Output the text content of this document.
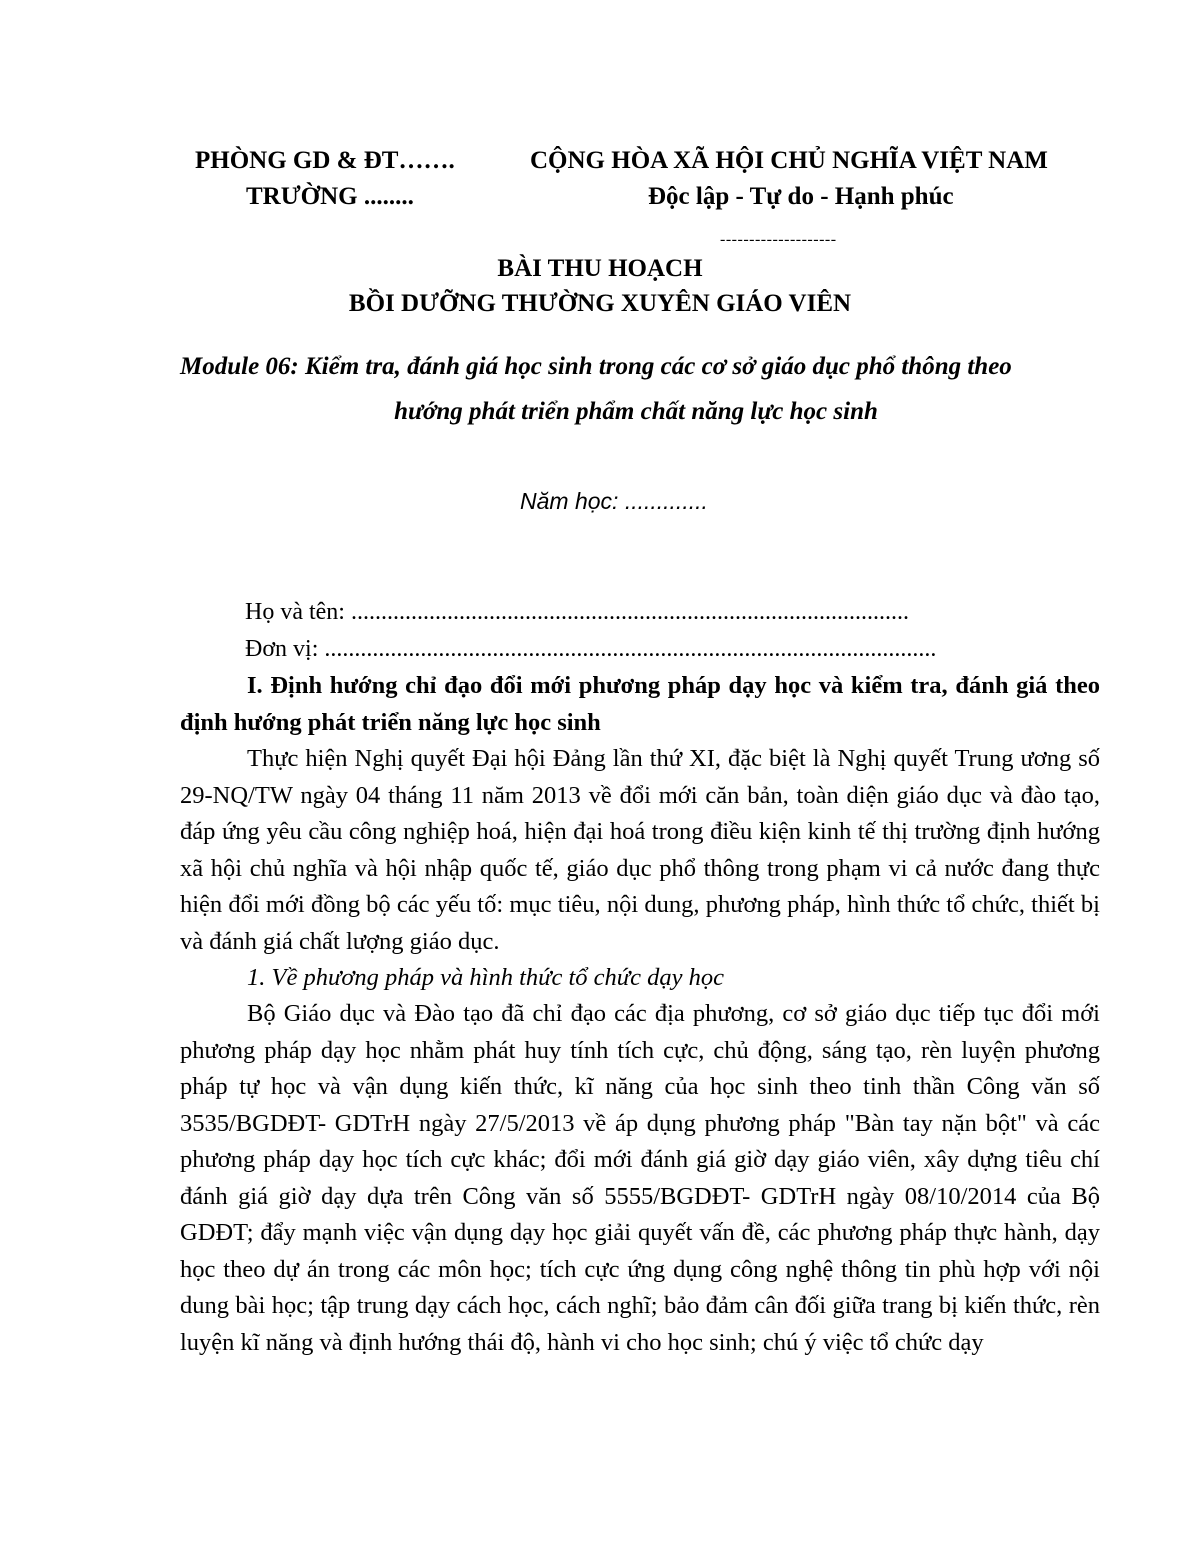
PHÒNG GD & ĐT…….
TRƯỜNG ........
CỘNG HÒA XÃ HỘI CHỦ NGHĨA VIỆT NAM
Độc lập - Tự do - Hạnh phúc
--------------------
BÀI THU HOẠCH
BỒI DƯỠNG THƯỜNG XUYÊN GIÁO VIÊN
Module 06: Kiểm tra, đánh giá học sinh trong các cơ sở giáo dục phổ thông theo
hướng phát triển phẩm chất năng lực học sinh
Năm học: .............
Họ và tên: .............................................................................................
Đơn vị: ......................................................................................................
I. Định hướng chỉ đạo đổi mới phương pháp dạy học và kiểm tra, đánh giá theo định hướng phát triển năng lực học sinh
Thực hiện Nghị quyết Đại hội Đảng lần thứ XI, đặc biệt là Nghị quyết Trung ương số 29-NQ/TW ngày 04 tháng 11 năm 2013 về đổi mới căn bản, toàn diện giáo dục và đào tạo, đáp ứng yêu cầu công nghiệp hoá, hiện đại hoá trong điều kiện kinh tế thị trường định hướng xã hội chủ nghĩa và hội nhập quốc tế, giáo dục phổ thông trong phạm vi cả nước đang thực hiện đổi mới đồng bộ các yếu tố: mục tiêu, nội dung, phương pháp, hình thức tổ chức, thiết bị và đánh giá chất lượng giáo dục.
1. Về phương pháp và hình thức tổ chức dạy học
Bộ Giáo dục và Đào tạo đã chỉ đạo các địa phương, cơ sở giáo dục tiếp tục đổi mới phương pháp dạy học nhằm phát huy tính tích cực, chủ động, sáng tạo, rèn luyện phương pháp tự học và vận dụng kiến thức, kĩ năng của học sinh theo tinh thần Công văn số 3535/BGDĐT- GDTrH ngày 27/5/2013 về áp dụng phương pháp "Bàn tay nặn bột" và các phương pháp dạy học tích cực khác; đổi mới đánh giá giờ dạy giáo viên, xây dựng tiêu chí đánh giá giờ dạy dựa trên Công văn số 5555/BGDĐT- GDTrH ngày 08/10/2014 của Bộ GDĐT; đẩy mạnh việc vận dụng dạy học giải quyết vấn đề, các phương pháp thực hành, dạy học theo dự án trong các môn học; tích cực ứng dụng công nghệ thông tin phù hợp với nội dung bài học; tập trung dạy cách học, cách nghĩ; bảo đảm cân đối giữa trang bị kiến thức, rèn luyện kĩ năng và định hướng thái độ, hành vi cho học sinh; chú ý việc tổ chức dạy
